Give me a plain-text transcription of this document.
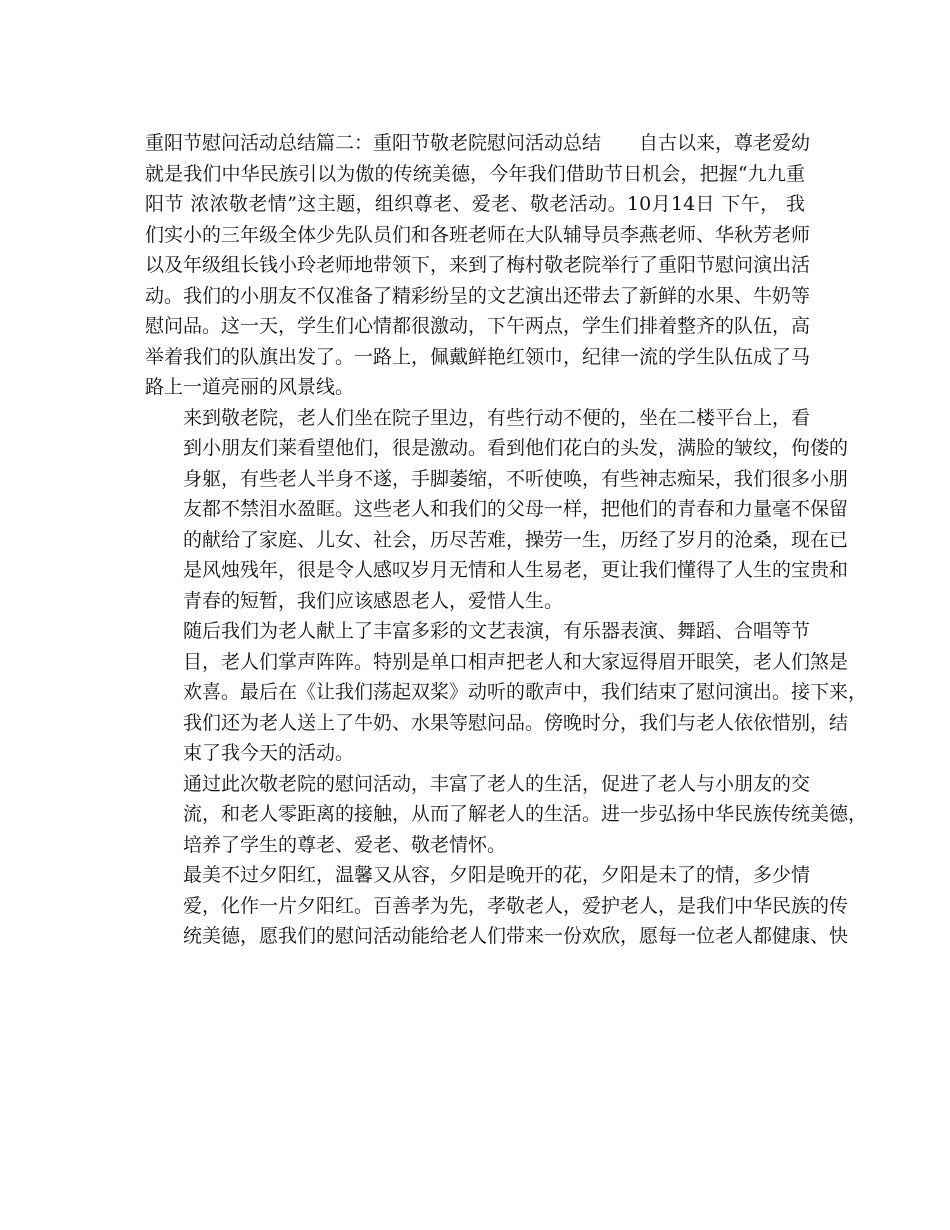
重阳节慰问活动总结篇二：重阳节敬老院慰问活动总结　　自古以来，尊老爱幼
就是我们中华民族引以为傲的传统美德，今年我们借助节日机会，把握“九九重
阳节 浓浓敬老情”这主题，组织尊老、爱老、敬老活动。10月14日 下午， 我
们实小的三年级全体少先队员们和各班老师在大队辅导员李燕老师、华秋芳老师
以及年级组长钱小玲老师地带领下，来到了梅村敬老院举行了重阳节慰问演出活
动。我们的小朋友不仅准备了精彩纷呈的文艺演出还带去了新鲜的水果、牛奶等
慰问品。这一天，学生们心情都很激动，下午两点，学生们排着整齐的队伍，高
举着我们的队旗出发了。一路上，佩戴鲜艳红领巾，纪律一流的学生队伍成了马
路上一道亮丽的风景线。
来到敬老院，老人们坐在院子里边，有些行动不便的，坐在二楼平台上，看
到小朋友们莱看望他们，很是激动。看到他们花白的头发，满脸的皱纹，佝偻的
身躯，有些老人半身不遂，手脚萎缩，不听使唤，有些神志痴呆，我们很多小朋
友都不禁泪水盈眶。这些老人和我们的父母一样，把他们的青春和力量毫不保留
的献给了家庭、儿女、社会，历尽苦难，操劳一生，历经了岁月的沧桑，现在已
是风烛残年，很是令人感叹岁月无情和人生易老，更让我们懂得了人生的宝贵和
青春的短暂，我们应该感恩老人，爱惜人生。
随后我们为老人献上了丰富多彩的文艺表演，有乐器表演、舞蹈、合唱等节
目，老人们掌声阵阵。特别是单口相声把老人和大家逗得眉开眼笑，老人们煞是
欢喜。最后在《让我们荡起双桨》动听的歌声中，我们结束了慰问演出。接下来，
我们还为老人送上了牛奶、水果等慰问品。傍晚时分，我们与老人依依惜别，结
束了我今天的活动。
通过此次敬老院的慰问活动，丰富了老人的生活，促进了老人与小朋友的交
流，和老人零距离的接触，从而了解老人的生活。进一步弘扬中华民族传统美德，
培养了学生的尊老、爱老、敬老情怀。
最美不过夕阳红，温馨又从容，夕阳是晚开的花，夕阳是未了的情，多少情
爱，化作一片夕阳红。百善孝为先，孝敬老人，爱护老人，是我们中华民族的传
统美德，愿我们的慰问活动能给老人们带来一份欢欣，愿每一位老人都健康、快
